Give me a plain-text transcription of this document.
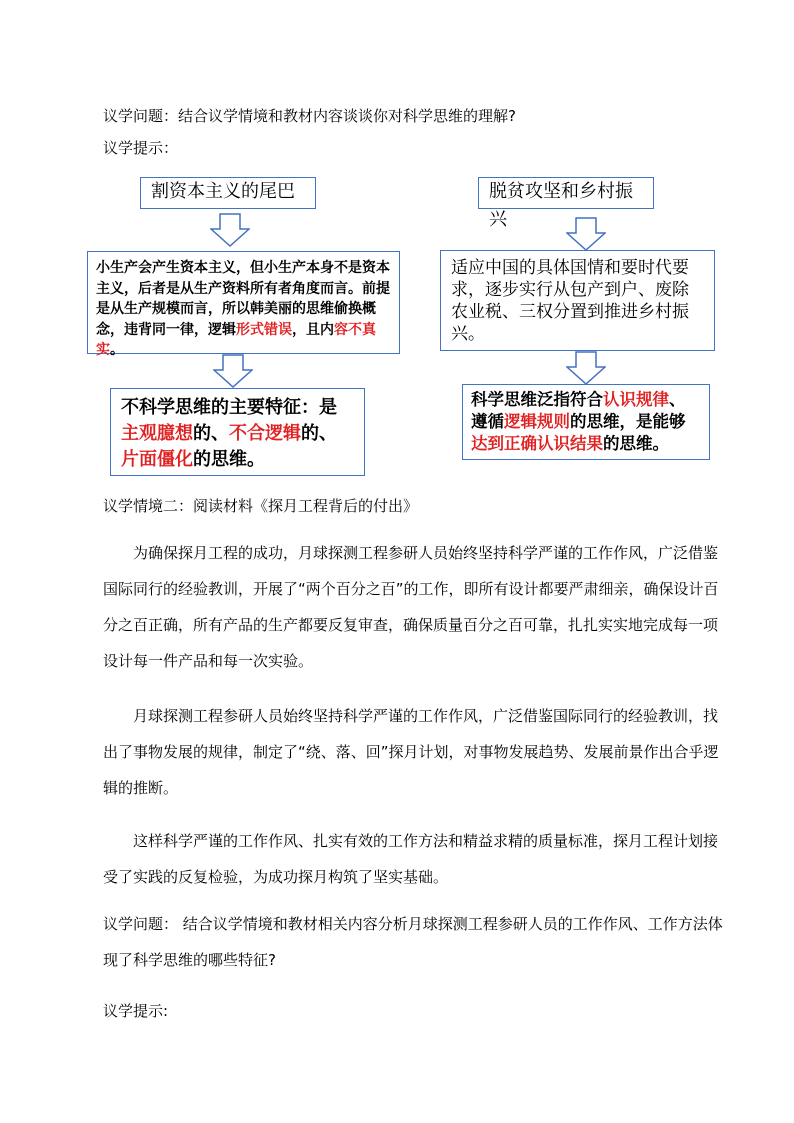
议学问题：结合议学情境和教材内容谈谈你对科学思维的理解?
议学提示：
割资本主义的尾巴
小生产会产生资本主义，但小生产本身不是资本主义，后者是从生产资料所有者角度而言。前提是从生产规模而言，所以韩美丽的思维偷换概念，违背同一律，逻辑形式错误，且内容不真实。
不科学思维的主要特征：是主观臆想的、不合逻辑的、片面僵化的思维。
脱贫攻坚和乡村振兴
适应中国的具体国情和要时代要求，逐步实行从包产到户、废除农业税、三权分置到推进乡村振兴。
科学思维泛指符合认识规律、遵循逻辑规则的思维，是能够达到正确认识结果的思维。
议学情境二：阅读材料《探月工程背后的付出》
为确保探月工程的成功，月球探测工程参研人员始终坚持科学严谨的工作作风，广泛借鉴国际同行的经验教训，开展了“两个百分之百”的工作，即所有设计都要严肃细亲，确保设计百分之百正确，所有产品的生产都要反复审查，确保质量百分之百可靠，扎扎实实地完成每一项设计每一件产品和每一次实验。
月球探测工程参研人员始终坚持科学严谨的工作作风，广泛借鉴国际同行的经验教训，找出了事物发展的规律，制定了“绕、落、回”探月计划，对事物发展趋势、发展前景作出合乎逻辑的推断。
这样科学严谨的工作作风、扎实有效的工作方法和精益求精的质量标准，探月工程计划接受了实践的反复检验，为成功探月构筑了坚实基础。
议学问题： 结合议学情境和教材相关内容分析月球探测工程参研人员的工作作风、工作方法体现了科学思维的哪些特征?
议学提示:
